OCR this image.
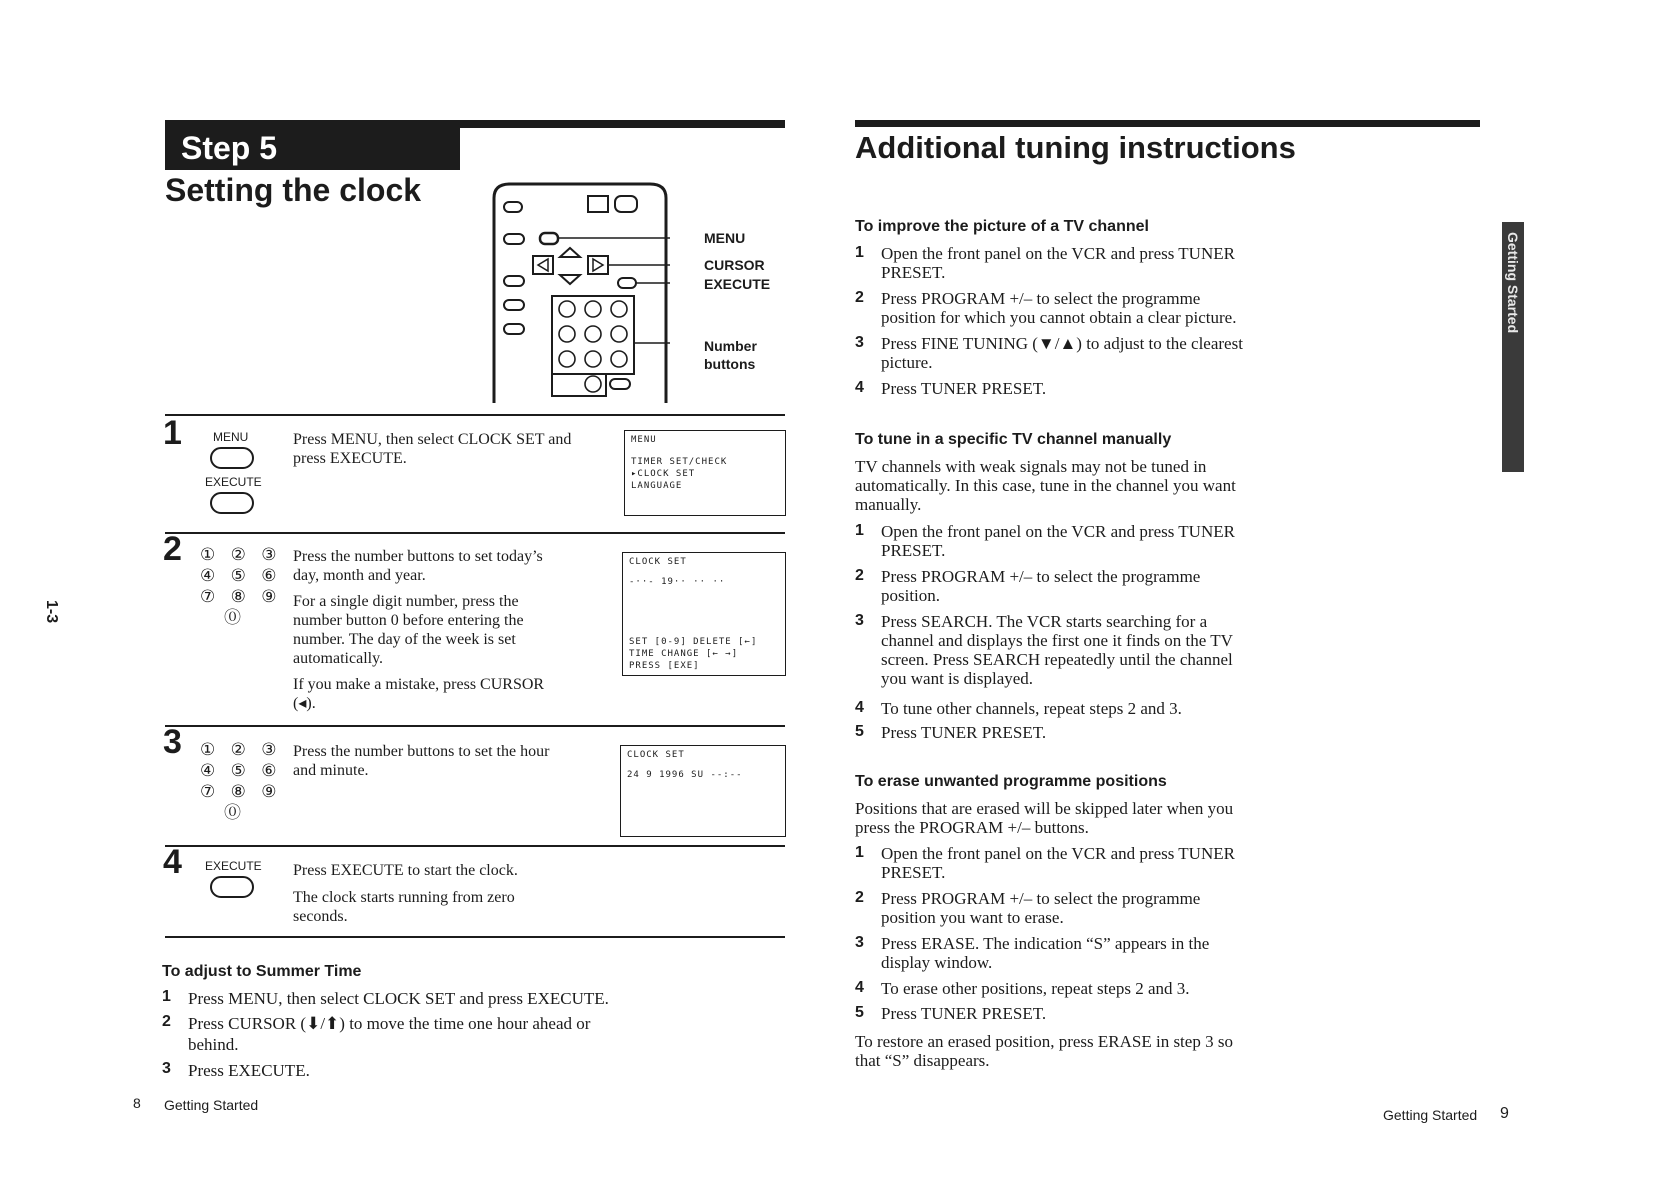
1-3
Step 5
Setting the clock
MENU
CURSOR
EXECUTE
Number
buttons
1	MENU
EXECUTE
Press MENU, then select CLOCK SET and
press EXECUTE.
MENU
TIMER SET/CHECK
▸CLOCK SET
LANGUAGE
2 ① ② ③
④ ⑤ ⑥
⑦ ⑧ ⑨
⓪
Press the number buttons to set today’s
day, month and year.
For a single digit number, press the
number button 0 before entering the
number. The day of the week is set
automatically.
If you make a mistake, press CURSOR
(◂).
CLOCK SET
-··- 19·· ·· ··
SET [0-9] DELETE [←]
TIME CHANGE [← →]
PRESS [EXE]
3 ① ② ③
④ ⑤ ⑥
⑦ ⑧ ⑨
⓪
Press the number buttons to set the hour
and minute.
CLOCK SET
24 9 1996 SU --:--
4 EXECUTE Press EXECUTE to start the clock.
The clock starts running from zero
seconds.
To adjust to Summer Time
1 Press MENU, then select CLOCK SET and press EXECUTE.
2 Press CURSOR (⬇/⬆) to move the time one hour ahead or
behind.
3 Press EXECUTE.
8 Getting Started
Additional tuning instructions
Getting Started
To improve the picture of a TV channel
1 Open the front panel on the VCR and press TUNER
PRESET.
2 Press PROGRAM +/– to select the programme
position for which you cannot obtain a clear picture.
3 Press FINE TUNING (▼/▲) to adjust to the clearest
picture.
4 Press TUNER PRESET.
To tune in a specific TV channel manually
TV channels with weak signals may not be tuned in
automatically. In this case, tune in the channel you want
manually.
1 Open the front panel on the VCR and press TUNER
PRESET.
2 Press PROGRAM +/– to select the programme
position.
3 Press SEARCH. The VCR starts searching for a
channel and displays the first one it finds on the TV
screen. Press SEARCH repeatedly until the channel
you want is displayed.
4 To tune other channels, repeat steps 2 and 3.
5 Press TUNER PRESET.
To erase unwanted programme positions
Positions that are erased will be skipped later when you
press the PROGRAM +/– buttons.
1 Open the front panel on the VCR and press TUNER
PRESET.
2 Press PROGRAM +/– to select the programme
position you want to erase.
3 Press ERASE. The indication “S” appears in the
display window.
4 To erase other positions, repeat steps 2 and 3.
5 Press TUNER PRESET.
To restore an erased position, press ERASE in step 3 so
that “S” disappears.
Getting Started 9
